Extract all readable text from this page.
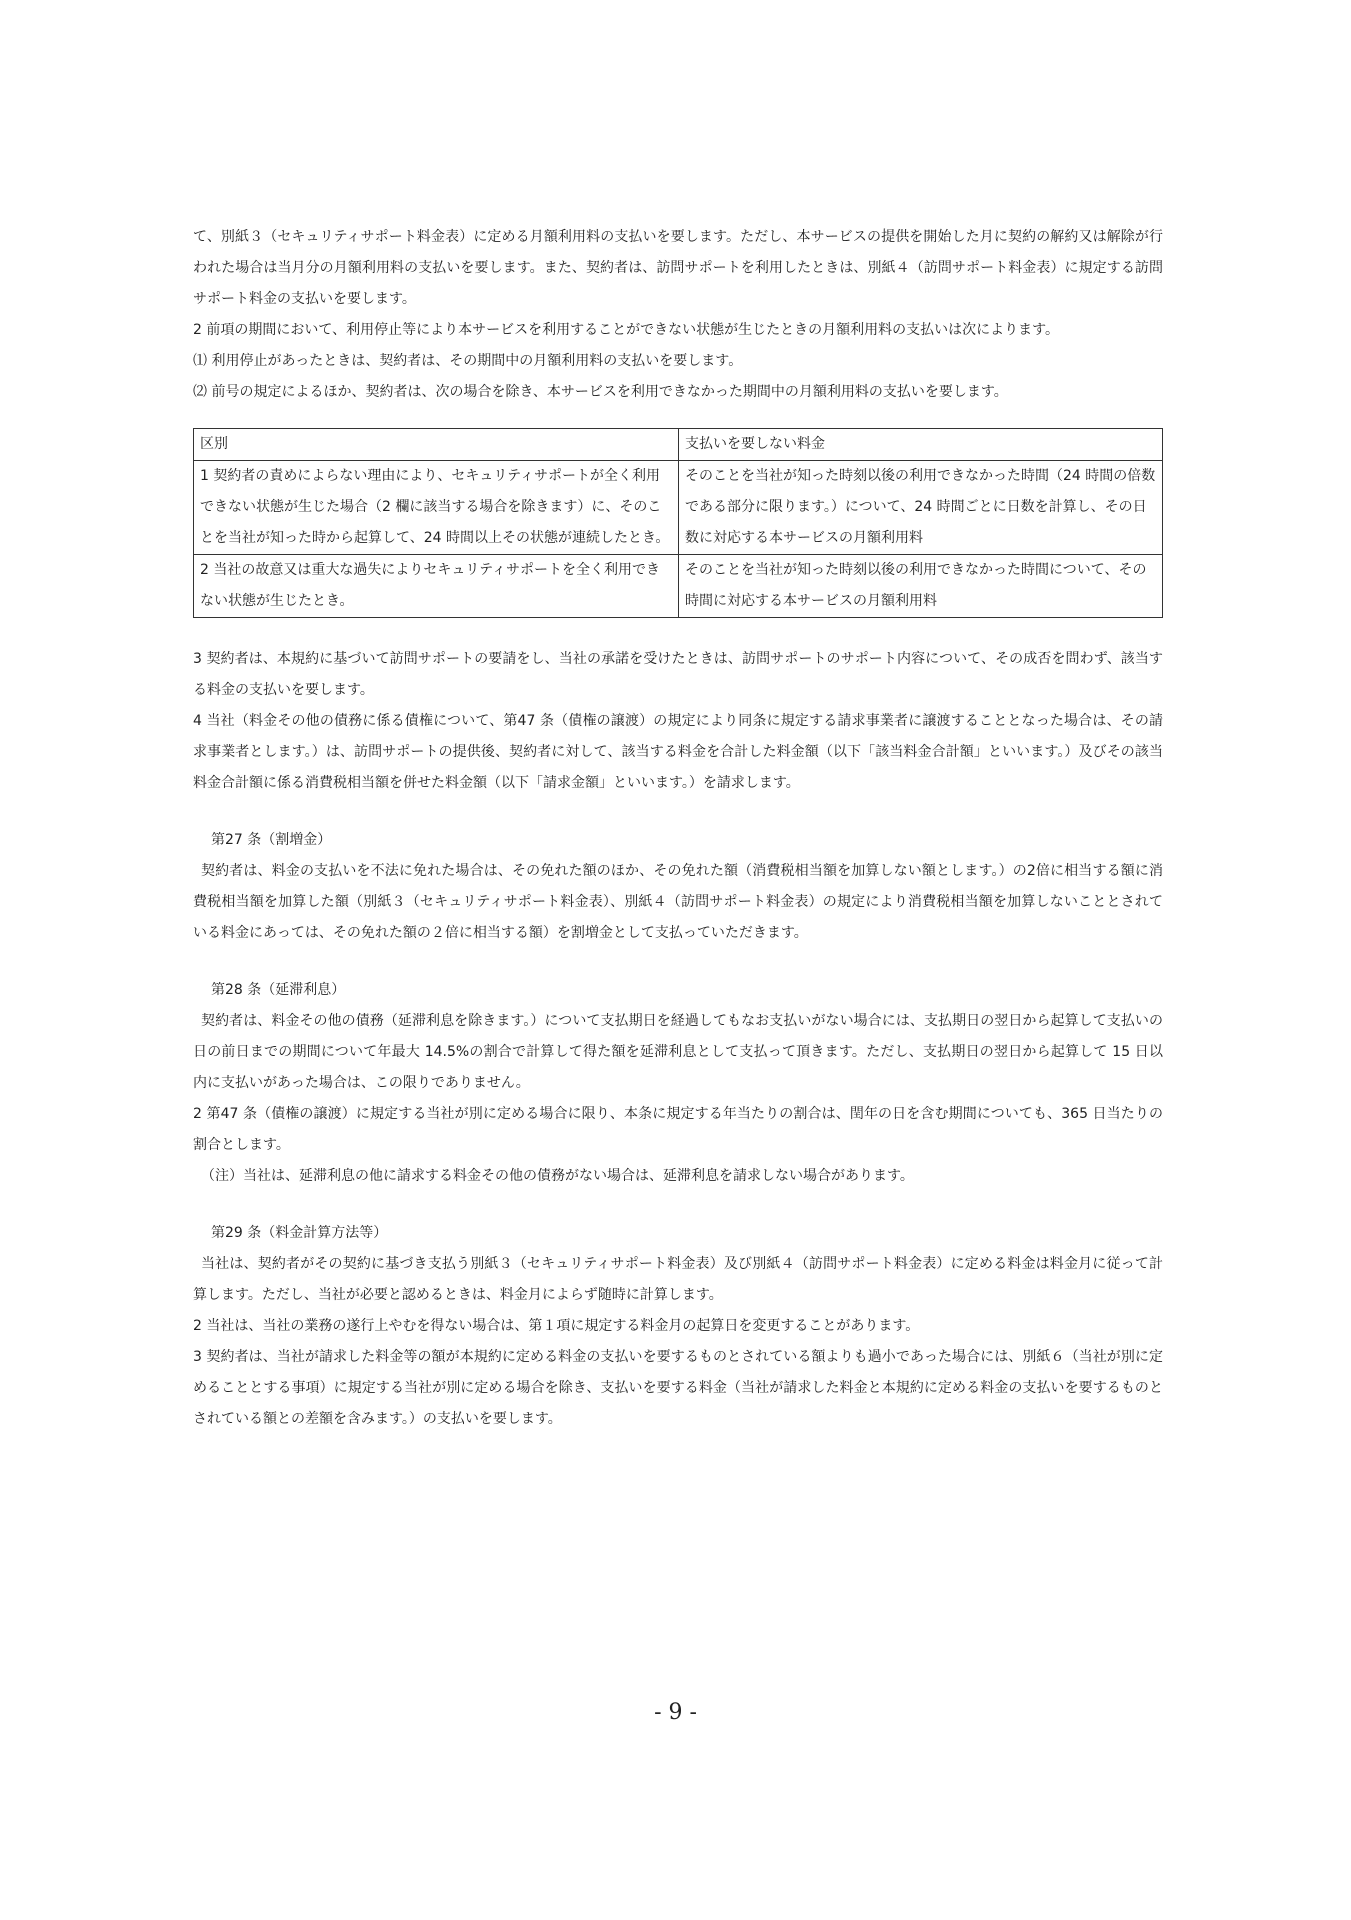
て、別紙３（セキュリティサポート料金表）に定める月額利用料の支払いを要します。ただし、本サービスの提供を開始した月に契約の解約又は解除が行われた場合は当月分の月額利用料の支払いを要します。また、契約者は、訪問サポートを利用したときは、別紙４（訪問サポート料金表）に規定する訪問サポート料金の支払いを要します。

2 前項の期間において、利用停止等により本サービスを利用することができない状態が生じたときの月額利用料の支払いは次によります。

⑴ 利用停止があったときは、契約者は、その期間中の月額利用料の支払いを要します。

⑵ 前号の規定によるほか、契約者は、次の場合を除き、本サービスを利用できなかった期間中の月額利用料の支払いを要します。

区別	支払いを要しない料金
1 契約者の責めによらない理由により、セキュリティサポートが全く利用できない状態が生じた場合（2 欄に該当する場合を除きます）に、そのことを当社が知った時から起算して、24 時間以上その状態が連続したとき。	そのことを当社が知った時刻以後の利用できなかった時間（24 時間の倍数である部分に限ります。）について、24 時間ごとに日数を計算し、その日数に対応する本サービスの月額利用料
2 当社の故意又は重大な過失によりセキュリティサポートを全く利用できない状態が生じたとき。	そのことを当社が知った時刻以後の利用できなかった時間について、その時間に対応する本サービスの月額利用料

3 契約者は、本規約に基づいて訪問サポートの要請をし、当社の承諾を受けたときは、訪問サポートのサポート内容について、その成否を問わず、該当する料金の支払いを要します。

4 当社（料金その他の債務に係る債権について、第47 条（債権の譲渡）の規定により同条に規定する請求事業者に譲渡することとなった場合は、その請求事業者とします。）は、訪問サポートの提供後、契約者に対して、該当する料金を合計した料金額（以下「該当料金合計額」といいます。）及びその該当料金合計額に係る消費税相当額を併せた料金額（以下「請求金額」といいます。）を請求します。

第27 条（割増金）

契約者は、料金の支払いを不法に免れた場合は、その免れた額のほか、その免れた額（消費税相当額を加算しない額とします。）の2倍に相当する額に消費税相当額を加算した額（別紙３（セキュリティサポート料金表）、別紙４（訪問サポート料金表）の規定により消費税相当額を加算しないこととされている料金にあっては、その免れた額の２倍に相当する額）を割増金として支払っていただきます。

第28 条（延滞利息）

契約者は、料金その他の債務（延滞利息を除きます。）について支払期日を経過してもなお支払いがない場合には、支払期日の翌日から起算して支払いの日の前日までの期間について年最大 14.5%の割合で計算して得た額を延滞利息として支払って頂きます。ただし、支払期日の翌日から起算して 15 日以内に支払いがあった場合は、この限りでありません。

2 第47 条（債権の譲渡）に規定する当社が別に定める場合に限り、本条に規定する年当たりの割合は、閏年の日を含む期間についても、365 日当たりの割合とします。

（注）当社は、延滞利息の他に請求する料金その他の債務がない場合は、延滞利息を請求しない場合があります。

第29 条（料金計算方法等）

当社は、契約者がその契約に基づき支払う別紙３（セキュリティサポート料金表）及び別紙４（訪問サポート料金表）に定める料金は料金月に従って計算します。ただし、当社が必要と認めるときは、料金月によらず随時に計算します。

2 当社は、当社の業務の遂行上やむを得ない場合は、第１項に規定する料金月の起算日を変更することがあります。

3 契約者は、当社が請求した料金等の額が本規約に定める料金の支払いを要するものとされている額よりも過小であった場合には、別紙６（当社が別に定めることとする事項）に規定する当社が別に定める場合を除き、支払いを要する料金（当社が請求した料金と本規約に定める料金の支払いを要するものとされている額との差額を含みます。）の支払いを要します。

- 9 -
